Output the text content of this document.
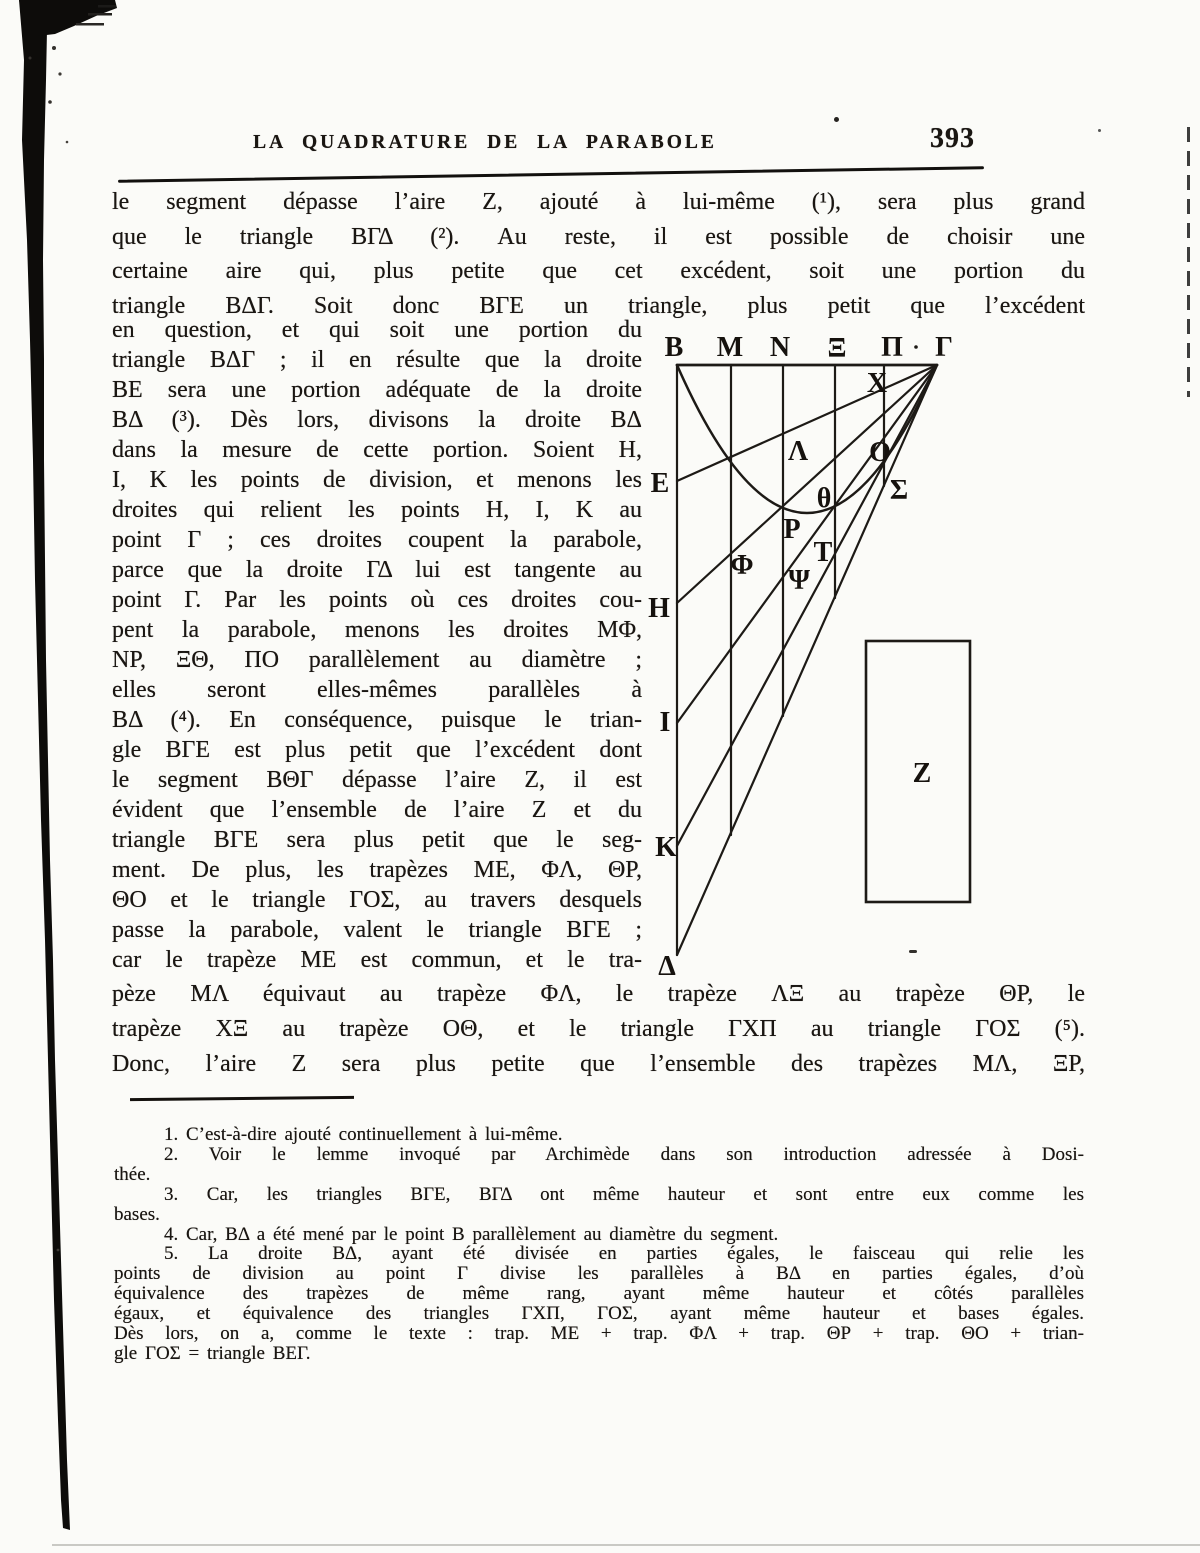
LA QUADRATURE DE LA PARABOLE	393
le segment dépasse l’aire Z, ajouté à lui-même (¹), sera plus grand
que le triangle ΒΓΔ (²). Au reste, il est possible de choisir une
certaine aire qui, plus petite que cet excédent, soit une portion du
triangle ΒΔΓ. Soit donc ΒΓΕ un triangle, plus petit que l’excédent
en question, et qui soit une portion du
triangle ΒΔΓ ; il en résulte que la droite
BE sera une portion adéquate de la droite
ΒΔ (³). Dès lors, divisons la droite ΒΔ
dans la mesure de cette portion. Soient H,
I, K les points de division, et menons les
droites qui relient les points H, I, K au
point Γ ; ces droites coupent la parabole,
parce que la droite ΓΔ lui est tangente au
point Γ. Par les points où ces droites cou-
pent la parabole, menons les droites ΜΦ,
ΝΡ, ΞΘ, ΠΟ parallèlement au diamètre ;
elles seront elles-mêmes parallèles à
ΒΔ (⁴). En conséquence, puisque le trian-
gle ΒΓΕ est plus petit que l’excédent dont
le segment ΒΘΓ dépasse l’aire Z, il est
évident que l’ensemble de l’aire Z et du
triangle ΒΓΕ sera plus petit que le seg-
ment. De plus, les trapèzes ΜΕ, ΦΛ, ΘΡ,
ΘΟ et le triangle ΓΟΣ, au travers desquels
passe la parabole, valent le triangle ΒΓΕ ;
car le trapèze ΜΕ est commun, et le tra-
pèze ΜΛ équivaut au trapèze ΦΛ, le trapèze ΛΞ au trapèze ΘΡ, le
trapèze ΧΞ au trapèze ΟΘ, et le triangle ΓΧΠ au triangle ΓΟΣ (⁵).
Donc, l’aire Z sera plus petite que l’ensemble des trapèzes ΜΛ, ΞΡ,
B M N Ξ Π Γ
E
H
I
K
Δ
X
Λ O
θ Σ
P
Φ T
Ψ
Z
1. C’est-à-dire ajouté continuellement à lui-même.
2. Voir le lemme invoqué par Archimède dans son introduction adressée à Dosi-
thée.
3. Car, les triangles ΒΓΕ, ΒΓΔ ont même hauteur et sont entre eux comme les
bases.
4. Car, ΒΔ a été mené par le point B parallèlement au diamètre du segment.
5. La droite ΒΔ, ayant été divisée en parties égales, le faisceau qui relie les
points de division au point Γ divise les parallèles à ΒΔ en parties égales, d’où
équivalence des trapèzes de même rang, ayant même hauteur et côtés parallèles
égaux, et équivalence des triangles ΓΧΠ, ΓΟΣ, ayant même hauteur et bases égales.
Dès lors, on a, comme le texte : trap. ΜΕ + trap. ΦΛ + trap. ΘΡ + trap. ΘΟ + trian-
gle ΓΟΣ = triangle ΒΕΓ.
